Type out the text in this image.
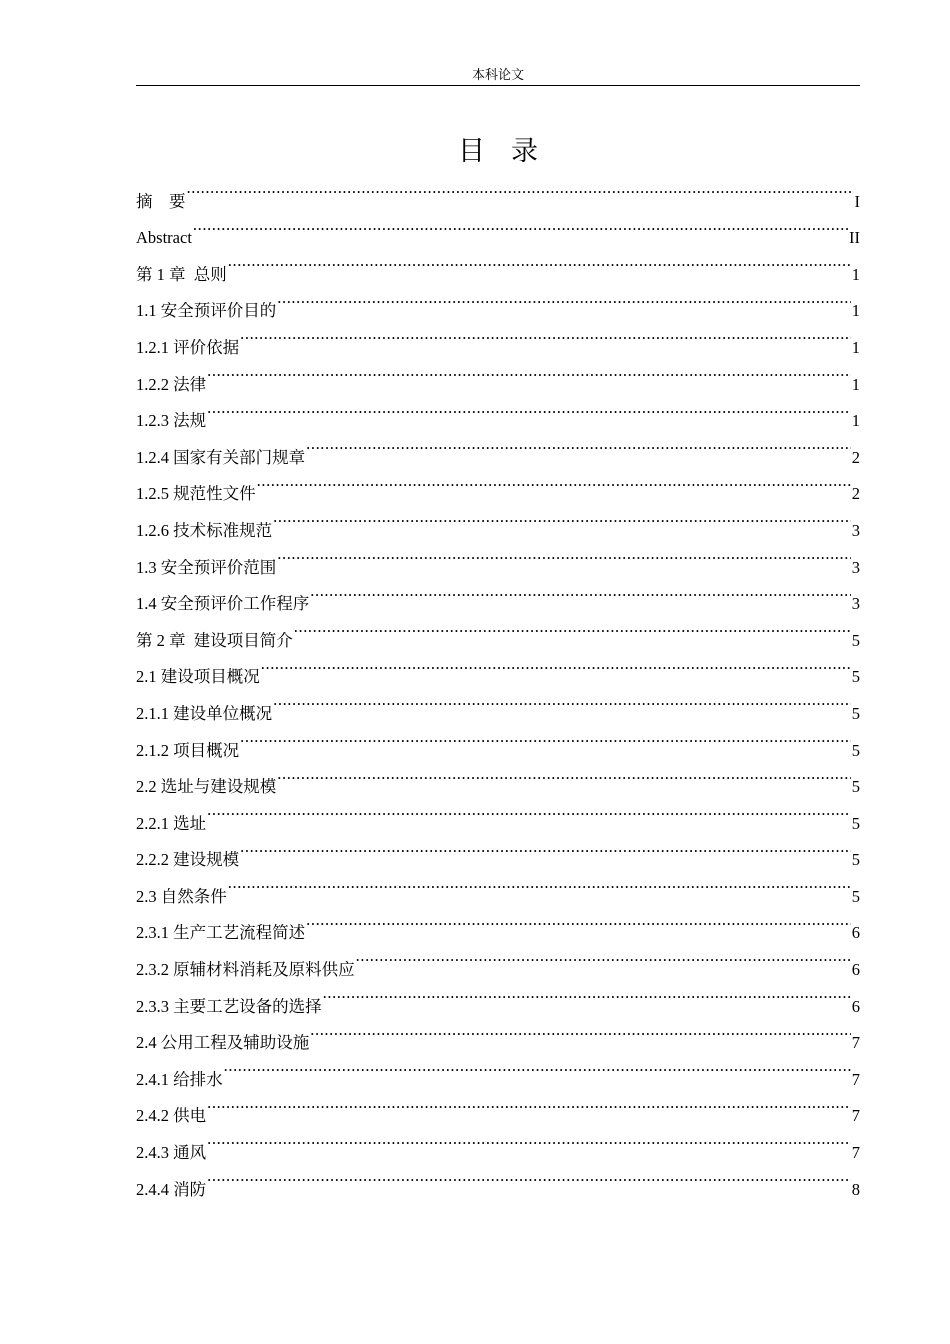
本科论文
目录
摘    要 .....	I
Abstract .....	II
第 1 章  总则 .....	1
1.1 安全预评价目的 .....	1
1.2.1 评价依据 .....	1
1.2.2 法律 .....	1
1.2.3 法规 .....	1
1.2.4 国家有关部门规章 .....	2
1.2.5 规范性文件 .....	2
1.2.6 技术标准规范 .....	3
1.3 安全预评价范围 .....	3
1.4 安全预评价工作程序 .....	3
第 2 章  建设项目简介 .....	5
2.1 建设项目概况 .....	5
2.1.1 建设单位概况 .....	5
2.1.2 项目概况 .....	5
2.2 选址与建设规模 .....	5
2.2.1 选址 .....	5
2.2.2 建设规模 .....	5
2.3 自然条件 .....	5
2.3.1 生产工艺流程简述 .....	6
2.3.2 原辅材料消耗及原料供应 .....	6
2.3.3 主要工艺设备的选择 .....	6
2.4 公用工程及辅助设施 .....	7
2.4.1 给排水 .....	7
2.4.2 供电 .....	7
2.4.3 通风 .....	7
2.4.4 消防 .....	8
